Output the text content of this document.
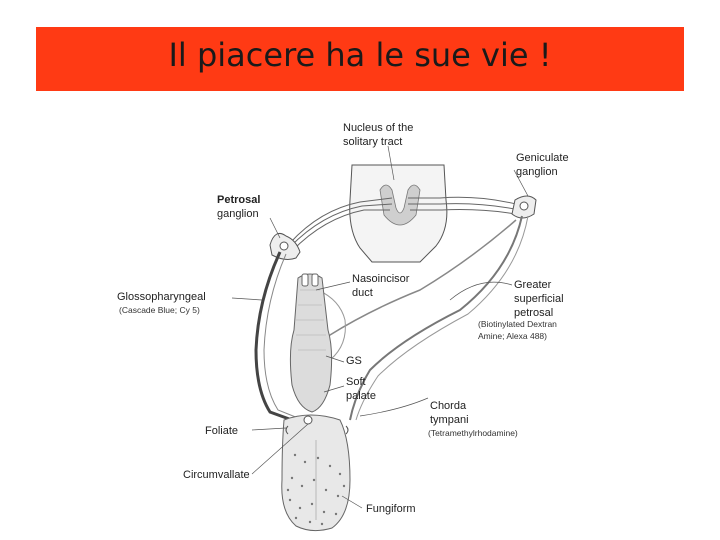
Il piacere ha le sue vie !
Nucleus of the
solitary tract
Geniculate
ganglion
Petrosal
ganglion
Nasoincisor
duct
Glossopharyngeal
(Cascade Blue; Cy 5)
Greater
superficial
petrosal
(Biotinylated Dextran
Amine; Alexa 488)
GS
Soft
palate
Chorda
tympani
(Tetramethylrhodamine)
Foliate
Circumvallate
Fungiform
